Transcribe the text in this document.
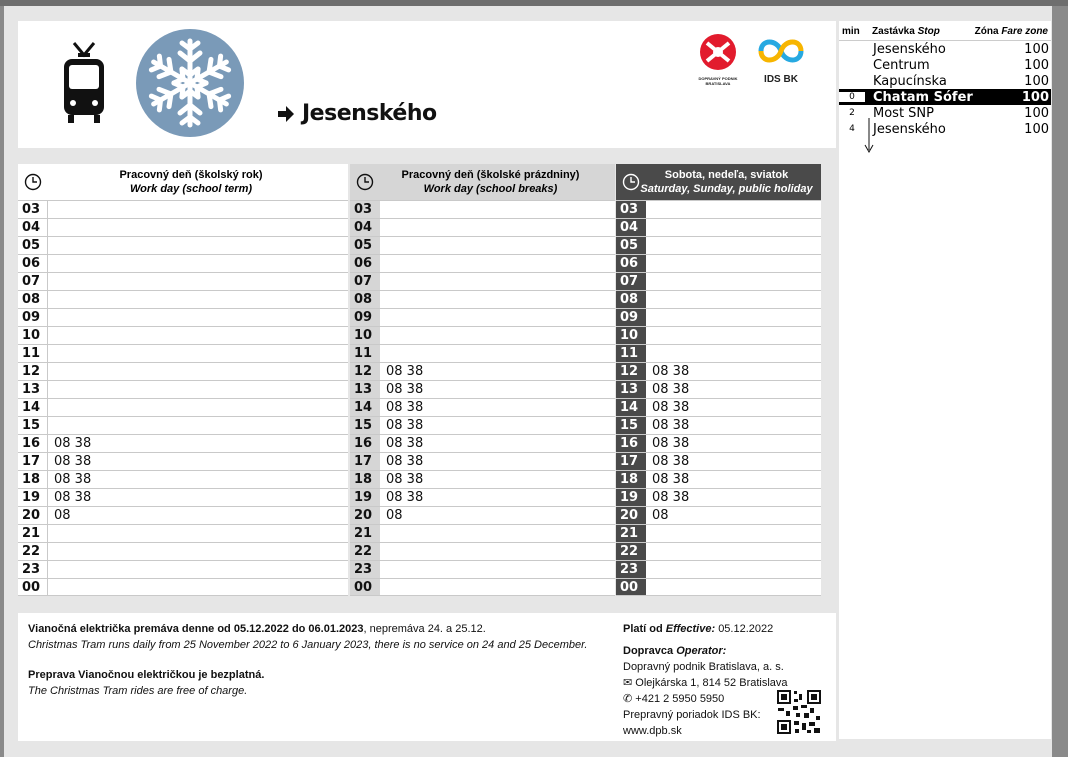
Jesenského
DOPRAVNÝ PODNIK BRATISLAVA	IDS BK
Pracovný deň (školský rok)
Work day (school term)
03
04
05
06
07
08
09
10
11
12
13
14
15
16	08 38
17	08 38
18	08 38
19	08 38
20	08
21
22
23
00
Pracovný deň (školské prázdniny)
Work day (school breaks)
03
04
05
06
07
08
09
10
11
12	08 38
13	08 38
14	08 38
15	08 38
16	08 38
17	08 38
18	08 38
19	08 38
20	08
21
22
23
00
Sobota, nedeľa, sviatok
Saturday, Sunday, public holiday
03
04
05
06
07
08
09
10
11
12	08 38
13	08 38
14	08 38
15	08 38
16	08 38
17	08 38
18	08 38
19	08 38
20	08
21
22
23
00
Vianočná električka premáva denne od 05.12.2022 do 06.01.2023, nepremáva 24. a 25.12.
Christmas Tram runs daily from 25 November 2022 to 6 January 2023, there is no service on 24 and 25 December.
Preprava Vianočnou električkou je bezplatná.
The Christmas Tram rides are free of charge.
Platí od Effective: 05.12.2022
Dopravca Operator:
Dopravný podnik Bratislava, a. s.
✉ Olejkárska 1, 814 52 Bratislava
✆ +421 2 5950 5950
Prepravný poriadok IDS BK:
www.dpb.sk
min	Zastávka Stop	Zóna Fare zone
Jesenského	100
Centrum	100
Kapucínska	100
0	Chatam Sófer	100
2	Most SNP	100
4	Jesenského	100
